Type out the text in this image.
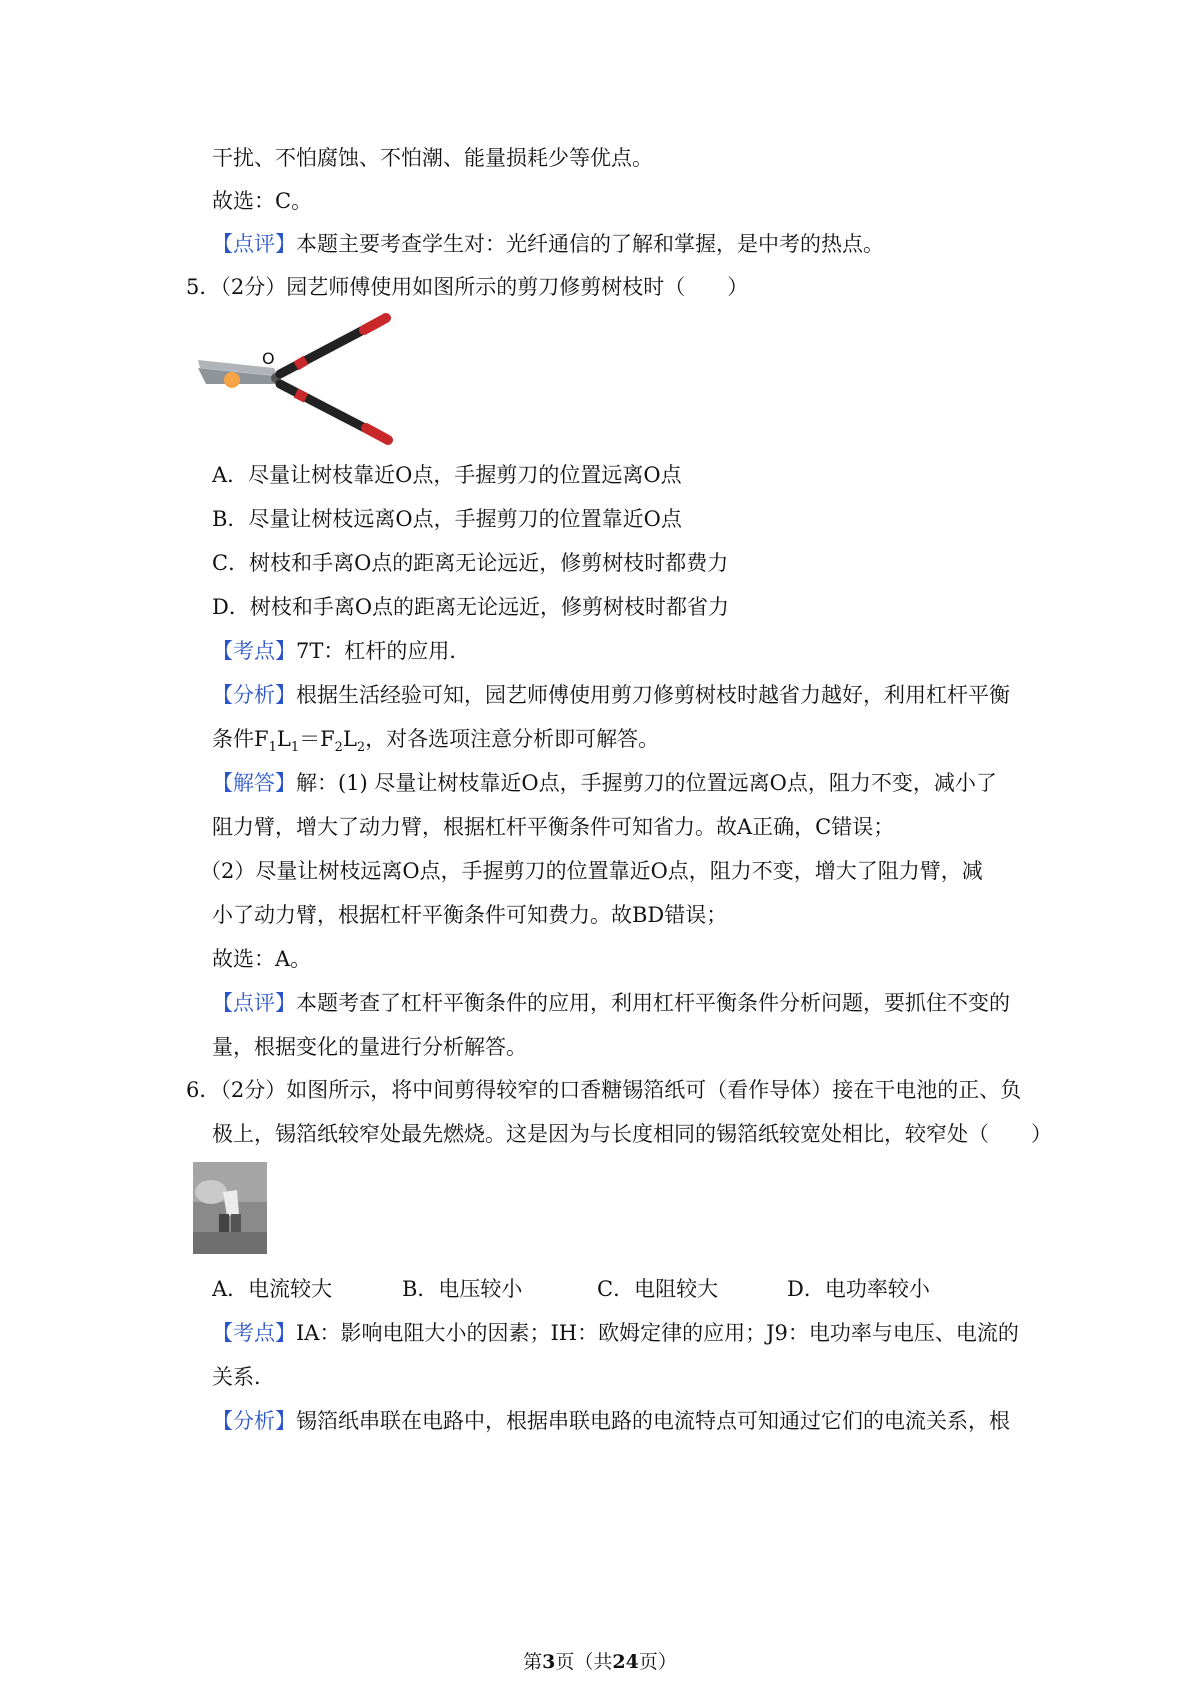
干扰、不怕腐蚀、不怕潮、能量损耗少等优点。
故选：C。
【点评】本题主要考查学生对：光纤通信的了解和掌握，是中考的热点。
5．（2分）园艺师傅使用如图所示的剪刀修剪树枝时（　　）
O
A．尽量让树枝靠近O点，手握剪刀的位置远离O点
B．尽量让树枝远离O点，手握剪刀的位置靠近O点
C．树枝和手离O点的距离无论远近，修剪树枝时都费力
D．树枝和手离O点的距离无论远近，修剪树枝时都省力
【考点】7T：杠杆的应用．
【分析】根据生活经验可知，园艺师傅使用剪刀修剪树枝时越省力越好，利用杠杆平衡
条件$F_1L_1=F_2L_2$，对各选项注意分析即可解答。
【解答】解：(1) 尽量让树枝靠近O点，手握剪刀的位置远离O点，阻力不变，减小了
阻力臂，增大了动力臂，根据杠杆平衡条件可知省力。故A正确，C错误；
（2）尽量让树枝远离O点，手握剪刀的位置靠近O点，阻力不变，增大了阻力臂，减
小了动力臂，根据杠杆平衡条件可知费力。故BD错误；
故选：A。
【点评】本题考查了杠杆平衡条件的应用，利用杠杆平衡条件分析问题，要抓住不变的
量，根据变化的量进行分析解答。
6．（2分）如图所示，将中间剪得较窄的口香糖锡箔纸可（看作导体）接在干电池的正、负
极上，锡箔纸较窄处最先燃烧。这是因为与长度相同的锡箔纸较宽处相比，较窄处（　　）
A．电流较大	B．电压较小	C．电阻较大	D．电功率较小
【考点】IA：影响电阻大小的因素；IH：欧姆定律的应用；J9：电功率与电压、电流的
关系．
【分析】锡箔纸串联在电路中，根据串联电路的电流特点可知通过它们的电流关系，根
第3页（共24页）
